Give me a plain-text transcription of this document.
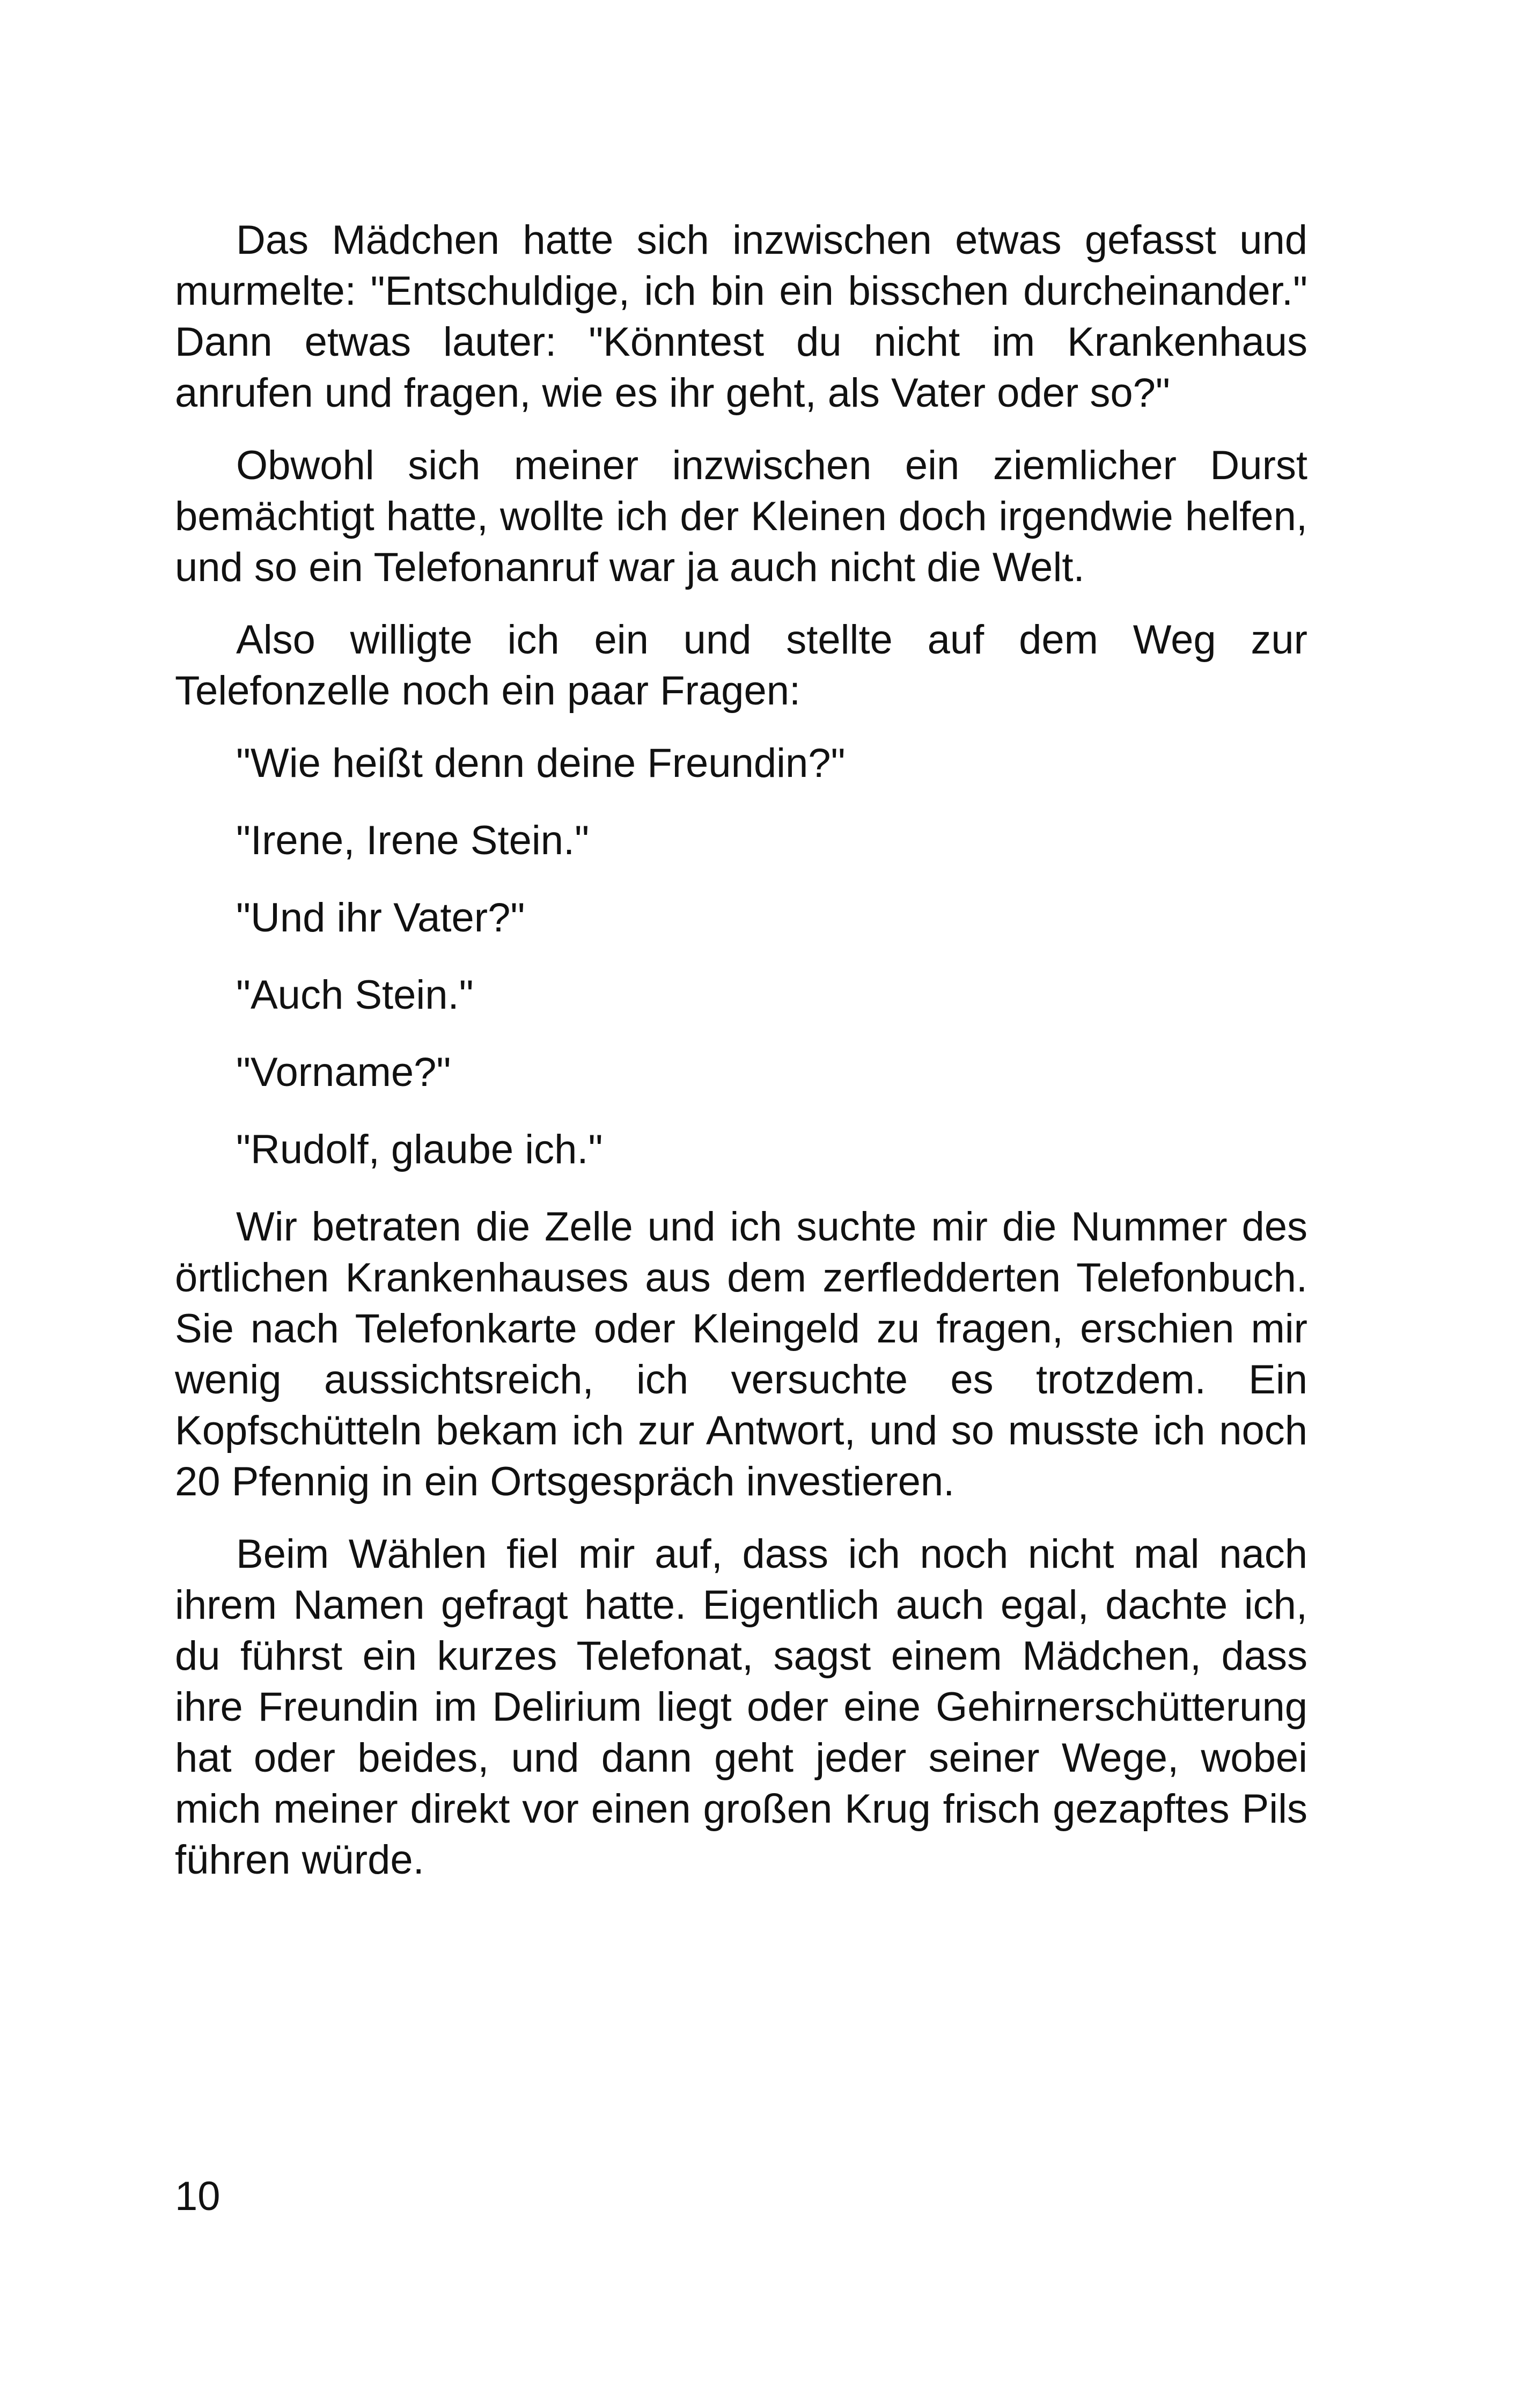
Das Mädchen hatte sich inzwischen etwas gefasst und murmelte: "Entschuldige, ich bin ein bisschen durcheinander." Dann etwas lauter: "Könntest du nicht im Krankenhaus anrufen und fragen, wie es ihr geht, als Vater oder so?"

Obwohl sich meiner inzwischen ein ziemlicher Durst bemächtigt hatte, wollte ich der Kleinen doch irgendwie helfen, und so ein Telefonanruf war ja auch nicht die Welt.

Also willigte ich ein und stellte auf dem Weg zur Telefonzelle noch ein paar Fragen:

"Wie heißt denn deine Freundin?"

"Irene, Irene Stein."

"Und ihr Vater?"

"Auch Stein."

"Vorname?"

"Rudolf, glaube ich."

Wir betraten die Zelle und ich suchte mir die Nummer des örtlichen Krankenhauses aus dem zerfledderten Telefonbuch. Sie nach Telefonkarte oder Kleingeld zu fragen, erschien mir wenig aussichtsreich, ich versuchte es trotzdem. Ein Kopfschütteln bekam ich zur Antwort, und so musste ich noch 20 Pfennig in ein Ortsgespräch investieren.

Beim Wählen fiel mir auf, dass ich noch nicht mal nach ihrem Namen gefragt hatte. Eigentlich auch egal, dachte ich, du führst ein kurzes Telefonat, sagst einem Mädchen, dass ihre Freundin im Delirium liegt oder eine Gehirnerschütterung hat oder beides, und dann geht jeder seiner Wege, wobei mich meiner direkt vor einen großen Krug frisch gezapftes Pils führen würde.

10
